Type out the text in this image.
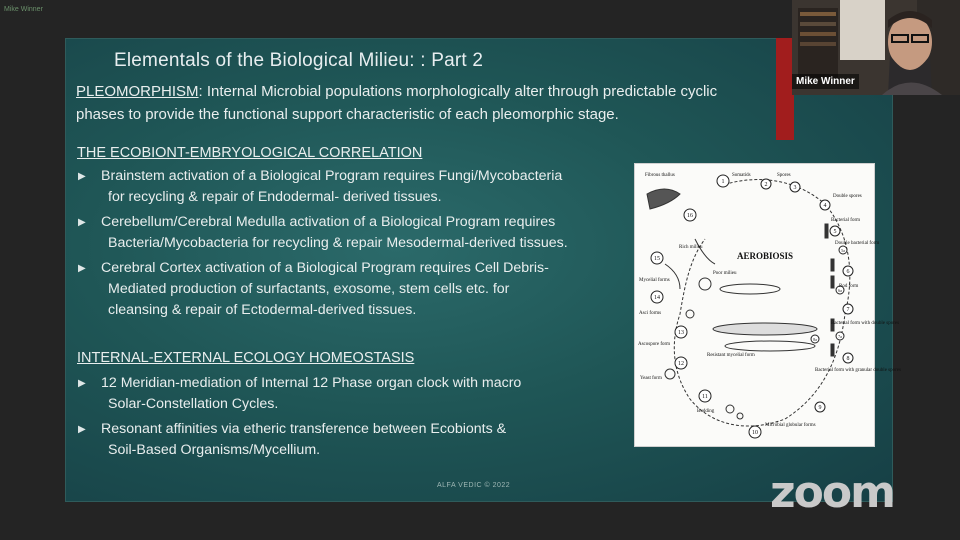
Mike Winner
Elementals of the Biological Milieu: : Part 2
PLEOMORPHISM: Internal Microbial populations morphologically alter through predictable cyclic phases to provide the functional support characteristic of each pleomorphic stage.
THE ECOBIONT-EMBRYOLOGICAL CORRELATION
▶ Brainstem activation of a Biological Program requires Fungi/Mycobacteria
for recycling & repair of Endodermal- derived tissues.
▶ Cerebellum/Cerebral Medulla activation of a Biological Program requires
Bacteria/Mycobacteria for recycling & repair Mesodermal-derived tissues.
▶ Cerebral Cortex activation of a Biological Program requires Cell Debris-
Mediated production of surfactants, exosome, stem cells etc. for
cleansing & repair of Ectodermal-derived tissues.
INTERNAL-EXTERNAL ECOLOGY HOMEOSTASIS
▶ 12 Meridian-mediation of Internal 12 Phase organ clock with macro
Solar-Constellation Cycles.
▶ Resonant affinities via etheric transference between Ecobionts &
Soil-Based Organisms/Mycellium.
ALFA VEDIC © 2022
1	2	3
4
5
6
7
8
9
10
11
12
13
14
15
16
5a
6a
7a
8a
Fibrous thallus	Somatids	Spores
Double spores
Bacterial form
Double bacterial form
Rich milieu
Mycelial forms
Rod form
Asci forms
Bacterial form with double spores
Ascospore form
Resistant mycelial form
Bacterial form with granular double spores
Yeast form
Budding
Microbial globular forms
Poor milieu
AEROBIOSIS
Mike Winner
zoom
